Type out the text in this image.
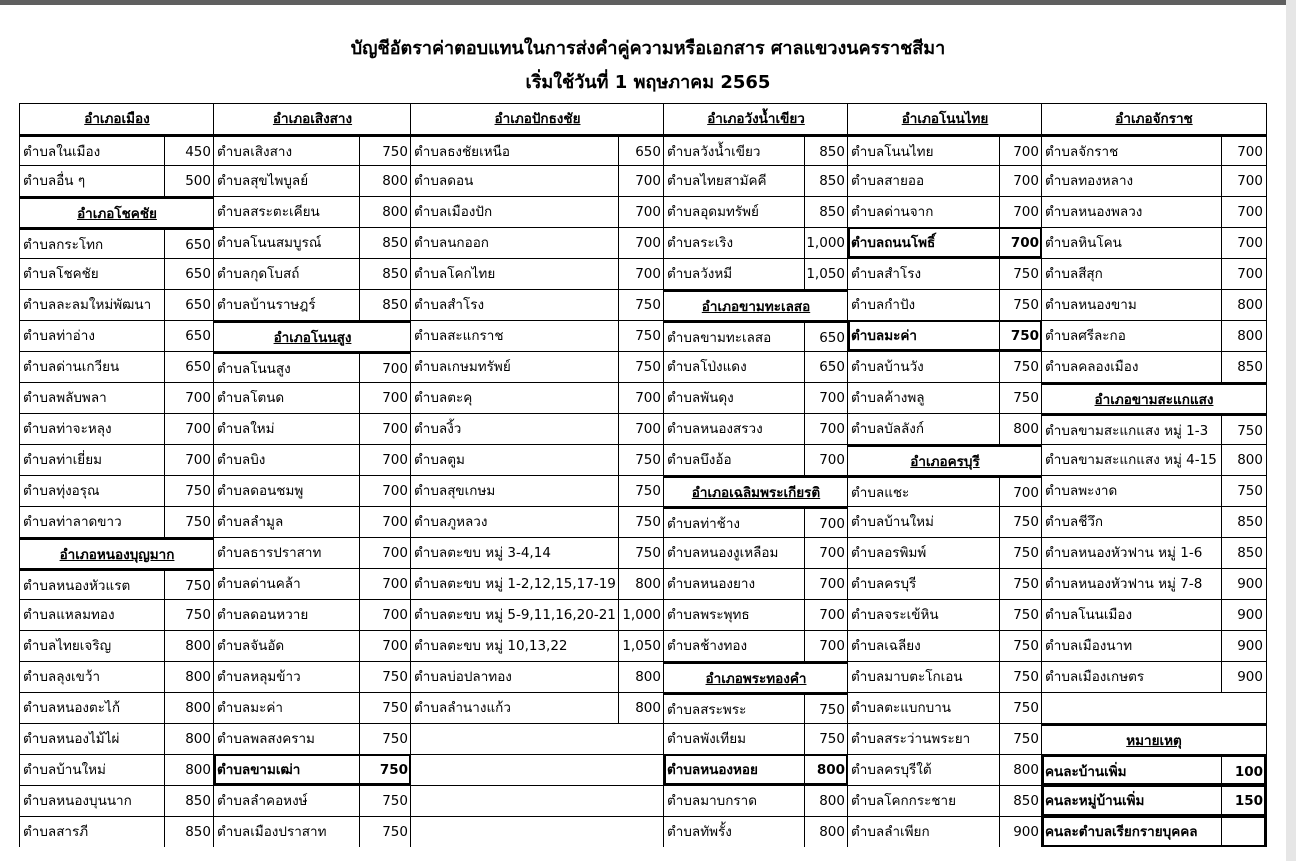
บัญชีอัตราค่าตอบแทนในการส่งคำคู่ความหรือเอกสาร ศาลแขวงนครราชสีมา
เริ่มใช้วันที่ 1 พฤษภาคม 2565
อำเภอเมือง
ตำบลในเมือง	450
ตำบลอื่น ๆ	500
อำเภอโชคชัย
ตำบลกระโทก	650
ตำบลโชคชัย	650
ตำบลละลมใหม่พัฒนา	650
ตำบลท่าอ่าง	650
ตำบลด่านเกวียน	650
ตำบลพลับพลา	700
ตำบลท่าจะหลุง	700
ตำบลท่าเยี่ยม	700
ตำบลทุ่งอรุณ	750
ตำบลท่าลาดขาว	750
อำเภอหนองบุญมาก
ตำบลหนองหัวแรต	750
ตำบลแหลมทอง	750
ตำบลไทยเจริญ	800
ตำบลลุงเขว้า	800
ตำบลหนองตะไก้	800
ตำบลหนองไม้ไผ่	800
ตำบลบ้านใหม่	800
ตำบลหนองบุนนาก	850
ตำบลสารภี	850
อำเภอเสิงสาง
ตำบลเสิงสาง	750
ตำบลสุขไพบูลย์	800
ตำบลสระตะเคียน	800
ตำบลโนนสมบูรณ์	850
ตำบลกุดโบสถ์	850
ตำบลบ้านราษฎร์	850
อำเภอโนนสูง
ตำบลโนนสูง	700
ตำบลโตนด	700
ตำบลใหม่	700
ตำบลบิง	700
ตำบลดอนชมพู	700
ตำบลลำมูล	700
ตำบลธารปราสาท	700
ตำบลด่านคล้า	700
ตำบลดอนหวาย	700
ตำบลจันอัด	700
ตำบลหลุมข้าว	750
ตำบลมะค่า	750
ตำบลพลสงคราม	750
ตำบลขามเฒ่า	750
ตำบลลำคอหงษ์	750
ตำบลเมืองปราสาท	750
อำเภอปักธงชัย
ตำบลธงชัยเหนือ	650
ตำบลดอน	700
ตำบลเมืองปัก	700
ตำบลนกออก	700
ตำบลโคกไทย	700
ตำบลสำโรง	750
ตำบลสะแกราช	750
ตำบลเกษมทรัพย์	750
ตำบลตะคุ	700
ตำบลงิ้ว	700
ตำบลตูม	750
ตำบลสุขเกษม	750
ตำบลภูหลวง	750
ตำบลตะขบ หมู่ 3-4,14	750
ตำบลตะขบ หมู่ 1-2,12,15,17-19 800
ตำบลตะขบ หมู่ 5-9,11,16,20-21 1,000
ตำบลตะขบ หมู่ 10,13,22	1,050
ตำบลบ่อปลาทอง	800
ตำบลลำนางแก้ว	800
อำเภอวังน้ำเขียว
ตำบลวังน้ำเขียว	850
ตำบลไทยสามัคคี	850
ตำบลอุดมทรัพย์	850
ตำบลระเริง	1,000
ตำบลวังหมี	1,050
อำเภอขามทะเลสอ
ตำบลขามทะเลสอ	650
ตำบลโป่งแดง	650
ตำบลพันดุง	700
ตำบลหนองสรวง	700
ตำบลบึงอ้อ	700
อำเภอเฉลิมพระเกียรติ
ตำบลท่าช้าง	700
ตำบลหนองงูเหลือม	700
ตำบลหนองยาง	700
ตำบลพระพุทธ	700
ตำบลช้างทอง	700
อำเภอพระทองคำ
ตำบลสระพระ	750
ตำบลพังเทียม	750
ตำบลหนองหอย	800
ตำบลมาบกราด	800
ตำบลทัพรั้ง	800
อำเภอโนนไทย
ตำบลโนนไทย	700
ตำบลสายออ	700
ตำบลด่านจาก	700
ตำบลถนนโพธิ์	700
ตำบลสำโรง	750
ตำบลกำปัง	750
ตำบลมะค่า	750
ตำบลบ้านวัง	750
ตำบลค้างพลู	750
ตำบลบัลลังก์	800
อำเภอครบุรี
ตำบลแชะ	700
ตำบลบ้านใหม่	750
ตำบลอรพิมพ์	750
ตำบลครบุรี	750
ตำบลจระเข้หิน	750
ตำบลเฉลียง	750
ตำบลมาบตะโกเอน	750
ตำบลตะแบกบาน	750
ตำบลสระว่านพระยา	750
ตำบลครบุรีใต้	800
ตำบลโคกกระชาย	850
ตำบลลำเพียก	900
อำเภอจักราช
ตำบลจักราช	700
ตำบลทองหลาง	700
ตำบลหนองพลวง	700
ตำบลหินโคน	700
ตำบลสีสุก	700
ตำบลหนองขาม	800
ตำบลศรีละกอ	800
ตำบลคลองเมือง	850
อำเภอขามสะแกแสง
ตำบลขามสะแกแสง หมู่ 1-3 750
ตำบลขามสะแกแสง หมู่ 4-15 800
ตำบลพะงาด	750
ตำบลชีวึก	850
ตำบลหนองหัวฟาน หมู่ 1-6	850
ตำบลหนองหัวฟาน หมู่ 7-8	900
ตำบลโนนเมือง	900
ตำบลเมืองนาท	900
ตำบลเมืองเกษตร	900
หมายเหตุ
คนละบ้านเพิ่ม	100
คนละหมู่บ้านเพิ่ม	150
คนละตำบลเรียกรายบุคคล
